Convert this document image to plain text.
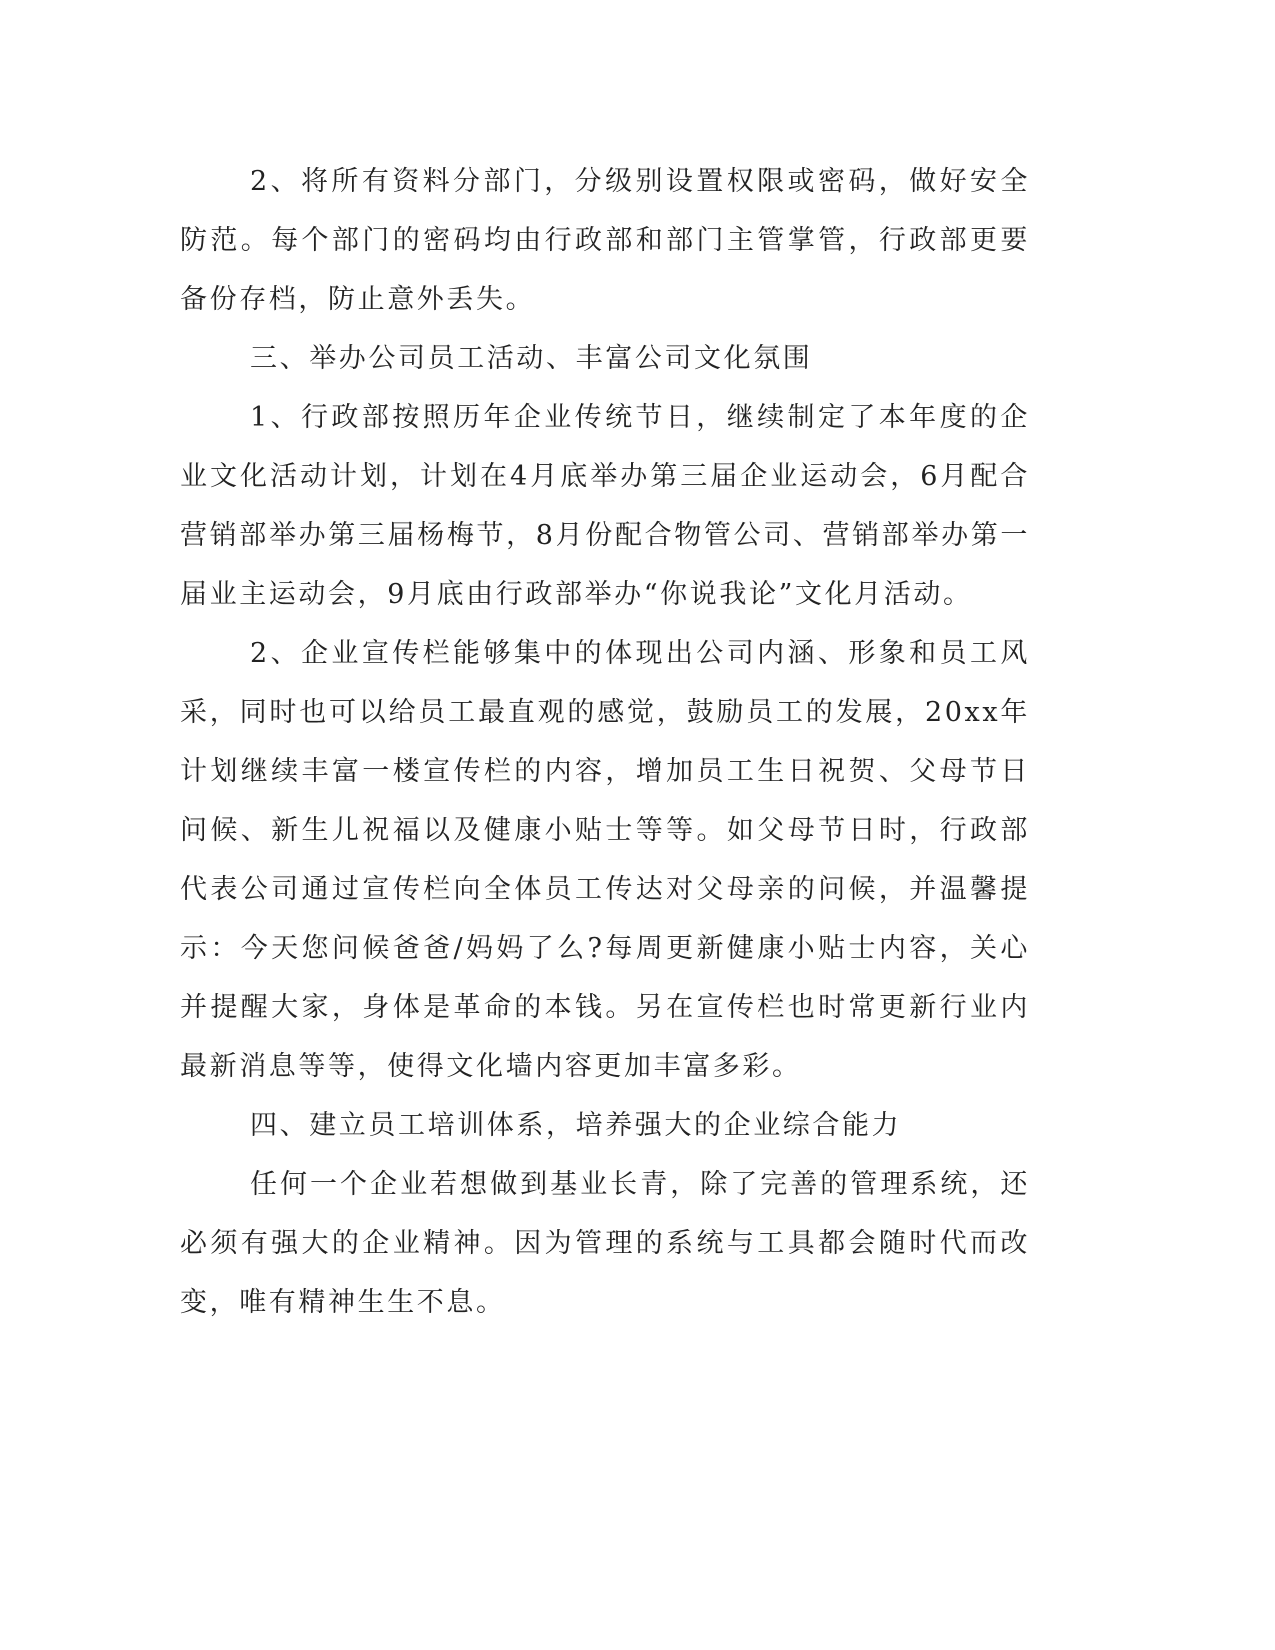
2、将所有资料分部门，分级别设置权限或密码，做好安全防范。每个部门的密码均由行政部和部门主管掌管，行政部更要备份存档，防止意外丢失。

三、举办公司员工活动、丰富公司文化氛围

1、行政部按照历年企业传统节日，继续制定了本年度的企业文化活动计划，计划在4月底举办第三届企业运动会，6月配合营销部举办第三届杨梅节，8月份配合物管公司、营销部举办第一届业主运动会，9月底由行政部举办“你说我论”文化月活动。

2、企业宣传栏能够集中的体现出公司内涵、形象和员工风采，同时也可以给员工最直观的感觉，鼓励员工的发展，20xx年计划继续丰富一楼宣传栏的内容，增加员工生日祝贺、父母节日问候、新生儿祝福以及健康小贴士等等。如父母节日时，行政部代表公司通过宣传栏向全体员工传达对父母亲的问候，并温馨提示：今天您问候爸爸/妈妈了么?每周更新健康小贴士内容，关心并提醒大家，身体是革命的本钱。另在宣传栏也时常更新行业内最新消息等等，使得文化墙内容更加丰富多彩。

四、建立员工培训体系，培养强大的企业综合能力

任何一个企业若想做到基业长青，除了完善的管理系统，还必须有强大的企业精神。因为管理的系统与工具都会随时代而改变，唯有精神生生不息。
